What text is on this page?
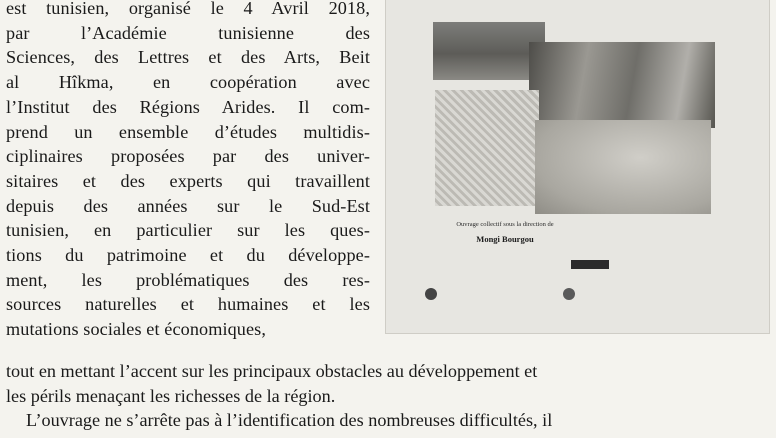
est tunisien, organisé le 4 Avril 2018,
par l’Académie tunisienne des
Sciences, des Lettres et des Arts, Beit
al Hîkma, en coopération avec
l’Institut des Régions Arides. Il com-
prend un ensemble d’études multidis-
ciplinaires proposées par des univer-
sitaires et des experts qui travaillent
depuis des années sur le Sud-Est
tunisien, en particulier sur les ques-
tions du patrimoine et du développe-
ment, les problématiques des res-
sources naturelles et humaines et les
mutations sociales et économiques,
Ouvrage collectif sous la direction de
Mongi Bourgou
tout en mettant l’accent sur les principaux obstacles au développement et
les périls menaçant les richesses de la région.
L’ouvrage ne s’arrête pas à l’identification des nombreuses difficultés, il
